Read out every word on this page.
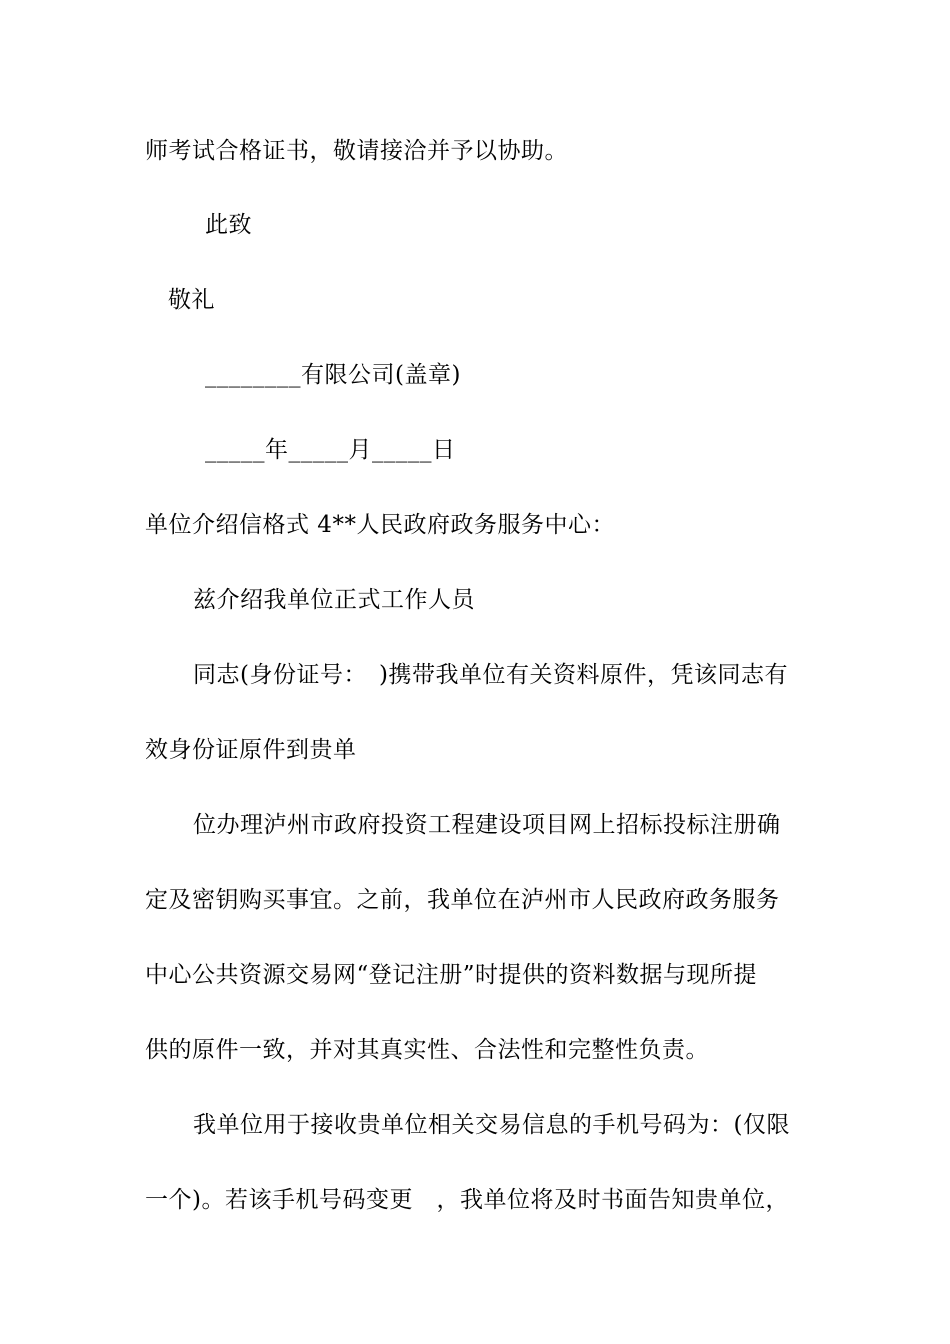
师考试合格证书，敬请接洽并予以协助。
此致
敬礼
________有限公司(盖章)
_____年_____月_____日
单位介绍信格式 4**人民政府政务服务中心：
兹介绍我单位正式工作人员
同志(身份证号：　)携带我单位有关资料原件，凭该同志有
效身份证原件到贵单
位办理泸州市政府投资工程建设项目网上招标投标注册确
定及密钥购买事宜。之前，我单位在泸州市人民政府政务服务
中心公共资源交易网“登记注册”时提供的资料数据与现所提
供的原件一致，并对其真实性、合法性和完整性负责。
我单位用于接收贵单位相关交易信息的手机号码为：(仅限
一个)。若该手机号码变更　，我单位将及时书面告知贵单位，
